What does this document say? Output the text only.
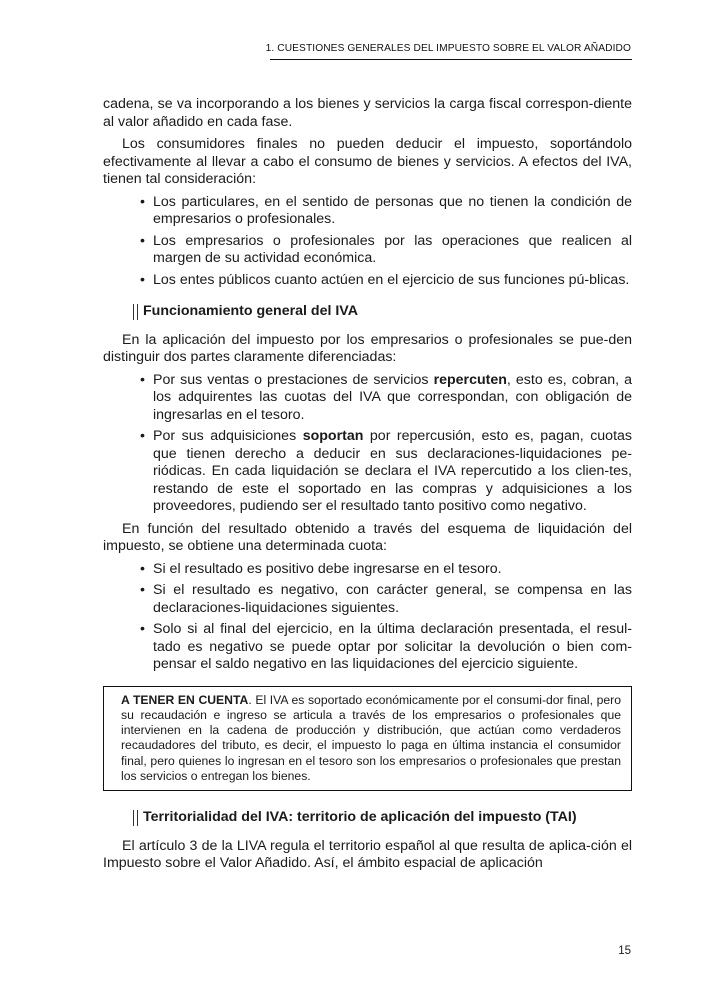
1. CUESTIONES GENERALES DEL IMPUESTO SOBRE EL VALOR AÑADIDO

cadena, se va incorporando a los bienes y servicios la carga fiscal correspon-diente al valor añadido en cada fase.

Los consumidores finales no pueden deducir el impuesto, soportándolo efectivamente al llevar a cabo el consumo de bienes y servicios. A efectos del IVA, tienen tal consideración:

• Los particulares, en el sentido de personas que no tienen la condición de empresarios o profesionales.
• Los empresarios o profesionales por las operaciones que realicen al margen de su actividad económica.
• Los entes públicos cuanto actúen en el ejercicio de sus funciones pú-blicas.
Funcionamiento general del IVA

En la aplicación del impuesto por los empresarios o profesionales se pue-den distinguir dos partes claramente diferenciadas:

• Por sus ventas o prestaciones de servicios repercuten, esto es, cobran, a los adquirentes las cuotas del IVA que correspondan, con obligación de ingresarlas en el tesoro.
• Por sus adquisiciones soportan por repercusión, esto es, pagan, cuotas que tienen derecho a deducir en sus declaraciones-liquidaciones pe-riódicas. En cada liquidación se declara el IVA repercutido a los clien-tes, restando de este el soportado en las compras y adquisiciones a los proveedores, pudiendo ser el resultado tanto positivo como negativo.

En función del resultado obtenido a través del esquema de liquidación del impuesto, se obtiene una determinada cuota:

• Si el resultado es positivo debe ingresarse en el tesoro.
• Si el resultado es negativo, con carácter general, se compensa en las declaraciones-liquidaciones siguientes.
• Solo si al final del ejercicio, en la última declaración presentada, el resul-tado es negativo se puede optar por solicitar la devolución o bien com-pensar el saldo negativo en las liquidaciones del ejercicio siguiente.
A TENER EN CUENTA. El IVA es soportado económicamente por el consumi-dor final, pero su recaudación e ingreso se articula a través de los empresarios o profesionales que intervienen en la cadena de producción y distribución, que actúan como verdaderos recaudadores del tributo, es decir, el impuesto lo paga en última instancia el consumidor final, pero quienes lo ingresan en el tesoro son los empresarios o profesionales que prestan los servicios o entregan los bienes.
Territorialidad del IVA: territorio de aplicación del impuesto (TAI)

El artículo 3 de la LIVA regula el territorio español al que resulta de aplica-ción el Impuesto sobre el Valor Añadido. Así, el ámbito espacial de aplicación

15
